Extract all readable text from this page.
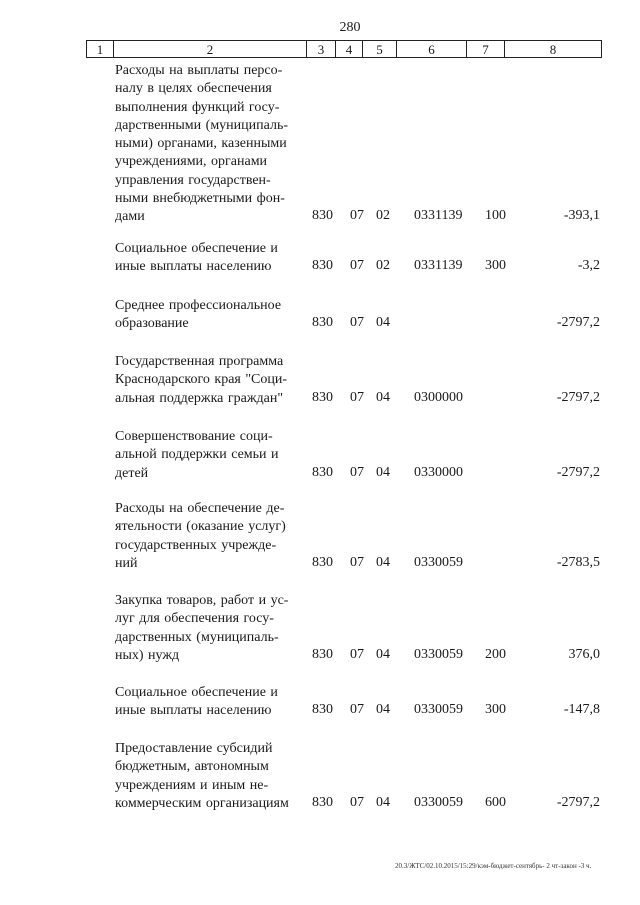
280
1	2	3	4	5	6	7	8
Расходы на выплаты персо-
налу в целях обеспечения
выполнения функций госу-
дарственными (муниципаль-
ными) органами, казенными
учреждениями, органами
управления государствен-
ными внебюджетными фон-
дами	830 07 02 0331139 100	-393,1
Социальное обеспечение и
иные выплаты населению	830 07 02 0331139 300	-3,2
Среднее профессиональное
образование	830 07 04	-2797,2
Государственная программа
Краснодарского края "Соци-
альная поддержка граждан"	830 07 04 0300000	-2797,2
Совершенствование соци-
альной поддержки семьи и
детей	830 07 04 0330000	-2797,2
Расходы на обеспечение де-
ятельности (оказание услуг)
государственных учрежде-
ний	830 07 04 0330059	-2783,5
Закупка товаров, работ и ус-
луг для обеспечения госу-
дарственных (муниципаль-
ных) нужд	830 07 04 0330059 200	376,0
Социальное обеспечение и
иные выплаты населению	830 07 04 0330059 300	-147,8
Предоставление субсидий
бюджетным, автономным
учреждениям и иным не-
коммерческим организациям	830 07 04 0330059 600	-2797,2
20.3/ЖТС/02.10.2015/15:29/кэм-бюджет-сентябрь- 2 чт-закон -3 ч.
